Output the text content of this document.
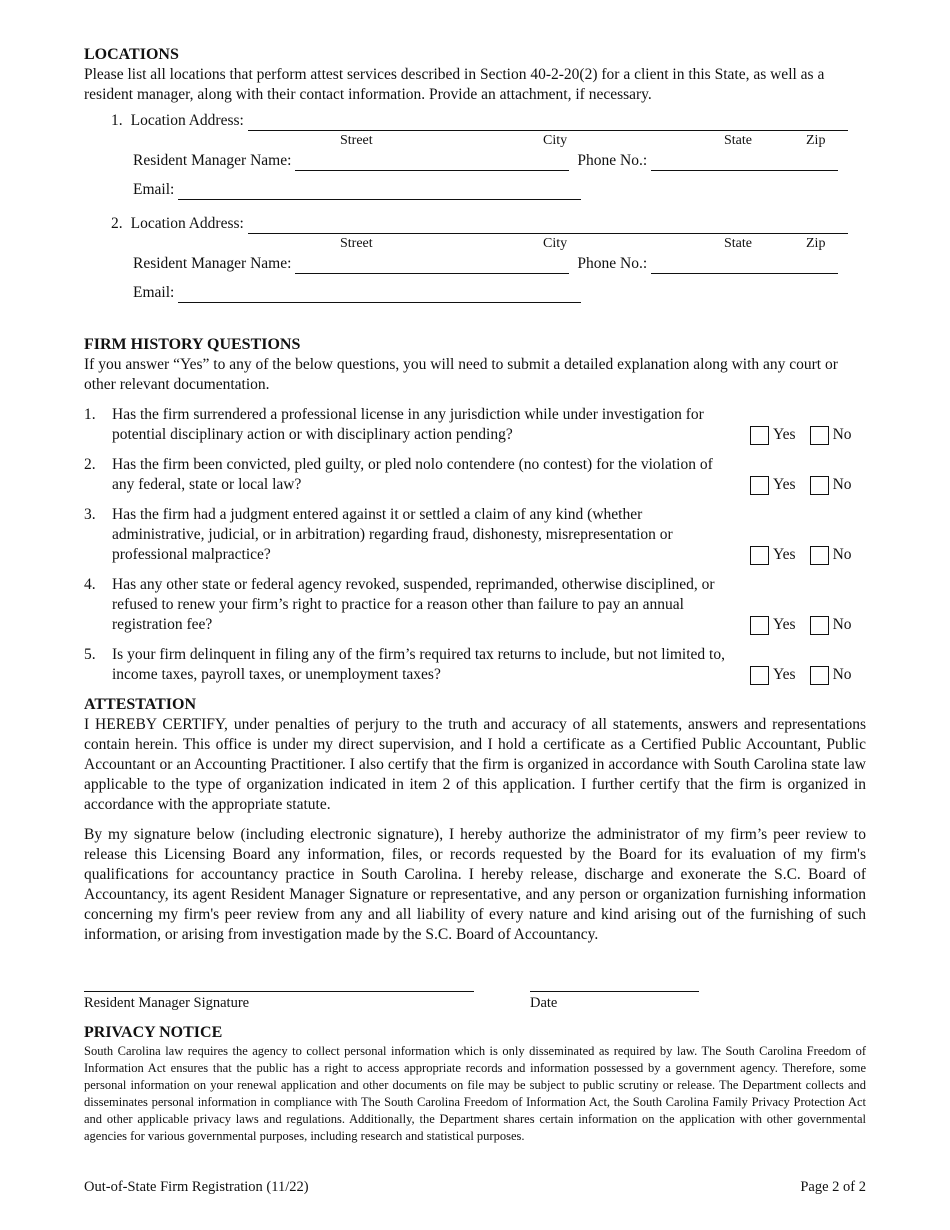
LOCATIONS

Please list all locations that perform attest services described in Section 40-2-20(2) for a client in this State, as well as a resident manager, along with their contact information. Provide an attachment, if necessary.

1. Location Address:
Street	City	State	Zip
Resident Manager Name:	Phone No.:
Email:
2. Location Address:
Street	City	State	Zip
Resident Manager Name:	Phone No.:
Email:
FIRM HISTORY QUESTIONS

If you answer “Yes” to any of the below questions, you will need to submit a detailed explanation along with any court or other relevant documentation.

1.	Has the firm surrendered a professional license in any jurisdiction while under investigation for potential disciplinary action or with disciplinary action pending?	Yes No
2.	Has the firm been convicted, pled guilty, or pled nolo contendere (no contest) for the violation of any federal, state or local law?	Yes No
3.	Has the firm had a judgment entered against it or settled a claim of any kind (whether administrative, judicial, or in arbitration) regarding fraud, dishonesty, misrepresentation or professional malpractice?	Yes No
4.	Has any other state or federal agency revoked, suspended, reprimanded, otherwise disciplined, or refused to renew your firm’s right to practice for a reason other than failure to pay an annual registration fee?	Yes No
5.	Is your firm delinquent in filing any of the firm’s required tax returns to include, but not limited to, income taxes, payroll taxes, or unemployment taxes?	Yes No
ATTESTATION

I HEREBY CERTIFY, under penalties of perjury to the truth and accuracy of all statements, answers and representations contain herein. This office is under my direct supervision, and I hold a certificate as a Certified Public Accountant, Public Accountant or an Accounting Practitioner. I also certify that the firm is organized in accordance with South Carolina state law applicable to the type of organization indicated in item 2 of this application. I further certify that the firm is organized in accordance with the appropriate statute.

By my signature below (including electronic signature), I hereby authorize the administrator of my firm’s peer review to release this Licensing Board any information, files, or records requested by the Board for its evaluation of my firm's qualifications for accountancy practice in South Carolina. I hereby release, discharge and exonerate the S.C. Board of Accountancy, its agent Resident Manager Signature or representative, and any person or organization furnishing information concerning my firm's peer review from any and all liability of every nature and kind arising out of the furnishing of such information, or arising from investigation made by the S.C. Board of Accountancy.

Resident Manager Signature	Date
PRIVACY NOTICE

South Carolina law requires the agency to collect personal information which is only disseminated as required by law. The South Carolina Freedom of Information Act ensures that the public has a right to access appropriate records and information possessed by a government agency. Therefore, some personal information on your renewal application and other documents on file may be subject to public scrutiny or release. The Department collects and disseminates personal information in compliance with The South Carolina Freedom of Information Act, the South Carolina Family Privacy Protection Act and other applicable privacy laws and regulations. Additionally, the Department shares certain information on the application with other governmental agencies for various governmental purposes, including research and statistical purposes.

Out-of-State Firm Registration (11/22)	Page 2 of 2
